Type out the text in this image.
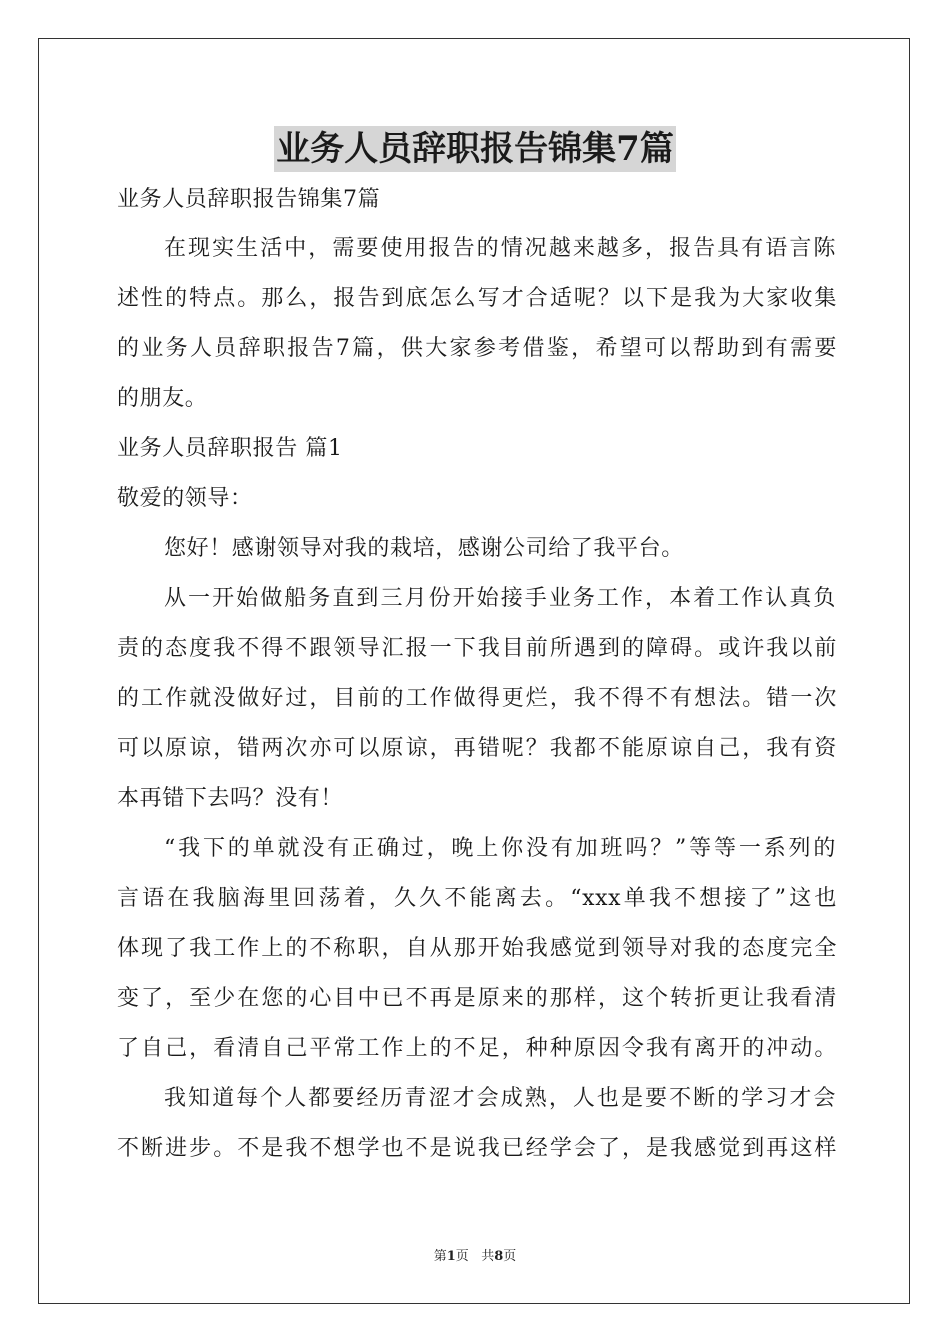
业务人员辞职报告锦集7篇
业务人员辞职报告锦集7篇
在现实生活中，需要使用报告的情况越来越多，报告具有语言陈
述性的特点。那么，报告到底怎么写才合适呢？以下是我为大家收集
的业务人员辞职报告7篇，供大家参考借鉴，希望可以帮助到有需要
的朋友。
业务人员辞职报告 篇1
敬爱的领导：
您好！感谢领导对我的栽培，感谢公司给了我平台。
从一开始做船务直到三月份开始接手业务工作，本着工作认真负
责的态度我不得不跟领导汇报一下我目前所遇到的障碍。或许我以前
的工作就没做好过，目前的工作做得更烂，我不得不有想法。错一次
可以原谅，错两次亦可以原谅，再错呢？我都不能原谅自己，我有资
本再错下去吗？没有！
“我下的单就没有正确过，晚上你没有加班吗？”等等一系列的
言语在我脑海里回荡着，久久不能离去。“xxx单我不想接了”这也
体现了我工作上的不称职，自从那开始我感觉到领导对我的态度完全
变了，至少在您的心目中已不再是原来的那样，这个转折更让我看清
了自己，看清自己平常工作上的不足，种种原因令我有离开的冲动。
我知道每个人都要经历青涩才会成熟，人也是要不断的学习才会
不断进步。不是我不想学也不是说我已经学会了，是我感觉到再这样
第1页 共8页
